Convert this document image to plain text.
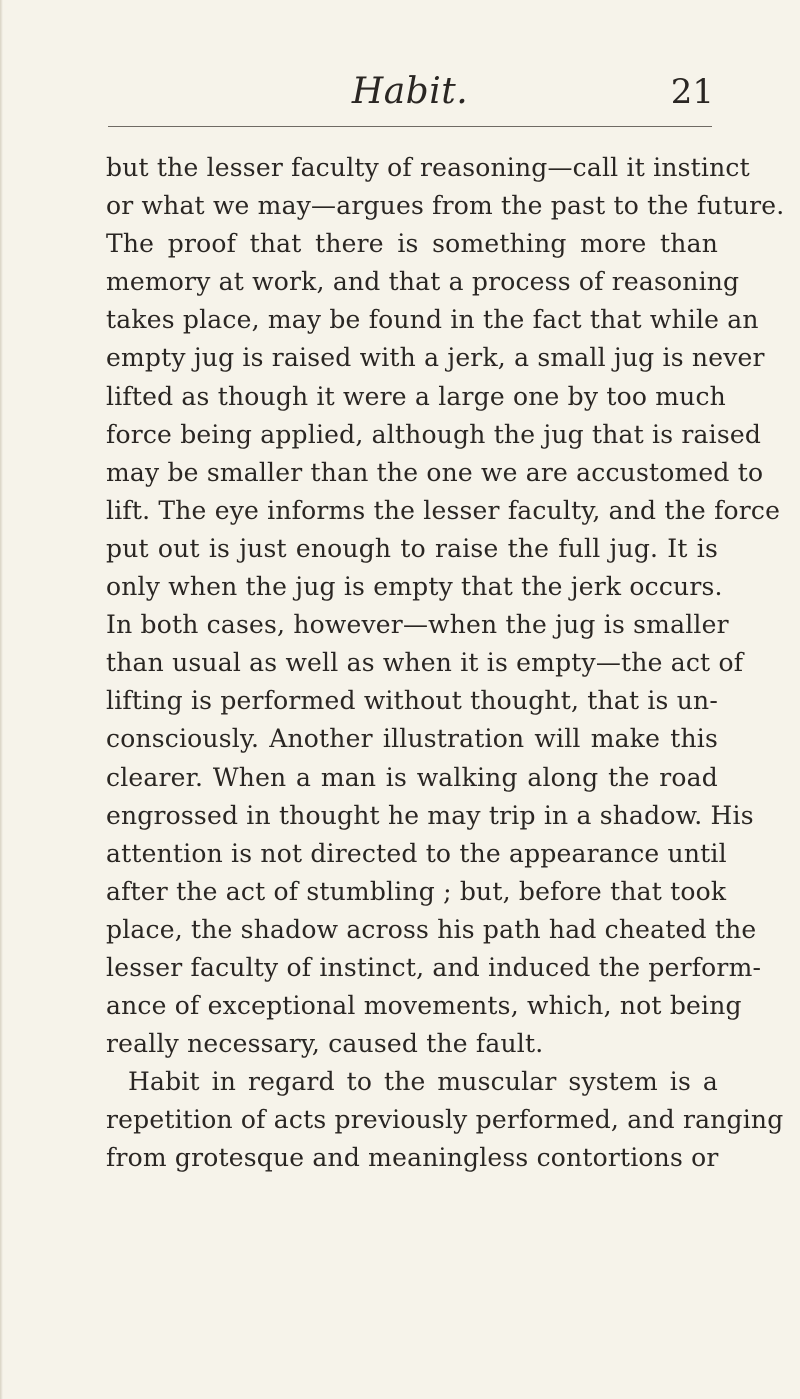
Habit.	21
but the lesser faculty of reasoning—call it instinct
or what we may—argues from the past to the future.
The proof that there is something more than
memory at work, and that a process of reasoning
takes place, may be found in the fact that while an
empty jug is raised with a jerk, a small jug is never
lifted as though it were a large one by too much
force being applied, although the jug that is raised
may be smaller than the one we are accustomed to
lift. The eye informs the lesser faculty, and the force
put out is just enough to raise the full jug. It is
only when the jug is empty that the jerk occurs.
In both cases, however—when the jug is smaller
than usual as well as when it is empty—the act of
lifting is performed without thought, that is un-
consciously. Another illustration will make this
clearer. When a man is walking along the road
engrossed in thought he may trip in a shadow. His
attention is not directed to the appearance until
after the act of stumbling ; but, before that took
place, the shadow across his path had cheated the
lesser faculty of instinct, and induced the perform-
ance of exceptional movements, which, not being
really necessary, caused the fault.
Habit in regard to the muscular system is a
repetition of acts previously performed, and ranging
from grotesque and meaningless contortions or
